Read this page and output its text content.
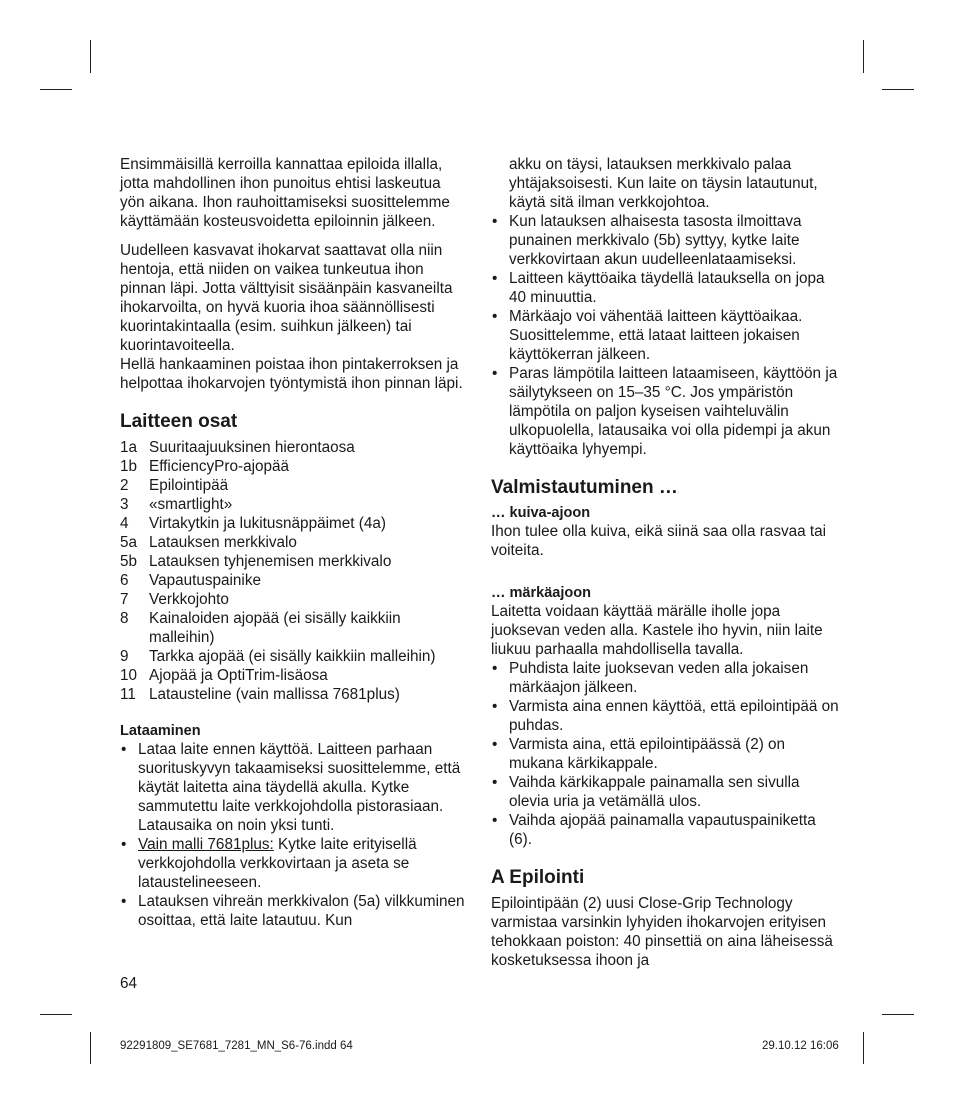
Ensimmäisillä kerroilla kannattaa epiloida illalla, jotta mahdollinen ihon punoitus ehtisi laskeutua yön aikana. Ihon rauhoittamiseksi suosittelemme käyttämään kosteusvoidetta epiloinnin jälkeen.

Uudelleen kasvavat ihokarvat saattavat olla niin hentoja, että niiden on vaikea tunkeutua ihon pinnan läpi. Jotta välttyisit sisäänpäin kasvaneilta ihokarvoilta, on hyvä kuoria ihoa säännöllisesti kuorintakintaalla (esim. suihkun jälkeen) tai kuorintavoiteella.

Hellä hankaaminen poistaa ihon pintakerroksen ja helpottaa ihokarvojen työntymistä ihon pinnan läpi.

Laitteen osat
1a Suuritaajuuksinen hierontaosa
1b EfficiencyPro-ajopää
2	Epilointipää
3	«smartlight»
4	Virtakytkin ja lukitusnäppäimet (4a)
5a Latauksen merkkivalo
5b Latauksen tyhjenemisen merkkivalo
6	Vapautuspainike
7	Verkkojohto
8	Kainaloiden ajopää (ei sisälly kaikkiin malleihin)
9	Tarkka ajopää (ei sisälly kaikkiin malleihin)
10 Ajopää ja OptiTrim-lisäosa
11 Latausteline (vain mallissa 7681plus)
Lataaminen
• Lataa laite ennen käyttöä. Laitteen parhaan suorituskyvyn takaamiseksi suosittelemme, että käytät laitetta aina täydellä akulla. Kytke sammutettu laite verkkojohdolla pistorasiaan. Latausaika on noin yksi tunti.
• Vain malli 7681plus: Kytke laite erityisellä verkkojohdolla verkkovirtaan ja aseta se lataustelineeseen.
• Latauksen vihreän merkkivalon (5a) vilkkuminen osoittaa, että laite latautuu. Kun
64
akku on täysi, latauksen merkkivalo palaa yhtäjaksoisesti. Kun laite on täysin latautunut, käytä sitä ilman verkkojohtoa.
• Kun latauksen alhaisesta tasosta ilmoittava punainen merkkivalo (5b) syttyy, kytke laite verkkovirtaan akun uudelleenlataamiseksi.
• Laitteen käyttöaika täydellä latauksella on jopa 40 minuuttia.
• Märkäajo voi vähentää laitteen käyttöaikaa. Suosittelemme, että lataat laitteen jokaisen käyttökerran jälkeen.
• Paras lämpötila laitteen lataamiseen, käyttöön ja säilytykseen on 15–35 °C. Jos ympäristön lämpötila on paljon kyseisen vaihteluvälin ulkopuolella, latausaika voi olla pidempi ja akun käyttöaika lyhyempi.
Valmistautuminen …
… kuiva-ajoon

Ihon tulee olla kuiva, eikä siinä saa olla rasvaa tai voiteita.

… märkäajoon

Laitetta voidaan käyttää märälle iholle jopa juoksevan veden alla. Kastele iho hyvin, niin laite liukuu parhaalla mahdollisella tavalla.

• Puhdista laite juoksevan veden alla jokaisen märkäajon jälkeen.
• Varmista aina ennen käyttöä, että epilointipää on puhdas.
• Varmista aina, että epilointipäässä (2) on mukana kärkikappale.
• Vaihda kärkikappale painamalla sen sivulla olevia uria ja vetämällä ulos.
• Vaihda ajopää painamalla vapautuspainiketta (6).
A Epilointi

Epilointipään (2) uusi Close-Grip Technology varmistaa varsinkin lyhyiden ihokarvojen erityisen tehokkaan poiston: 40 pinsettiä on aina läheisessä kosketuksessa ihoon ja

92291809_SE7681_7281_MN_S6-76.indd 64	29.10.12 16:06
